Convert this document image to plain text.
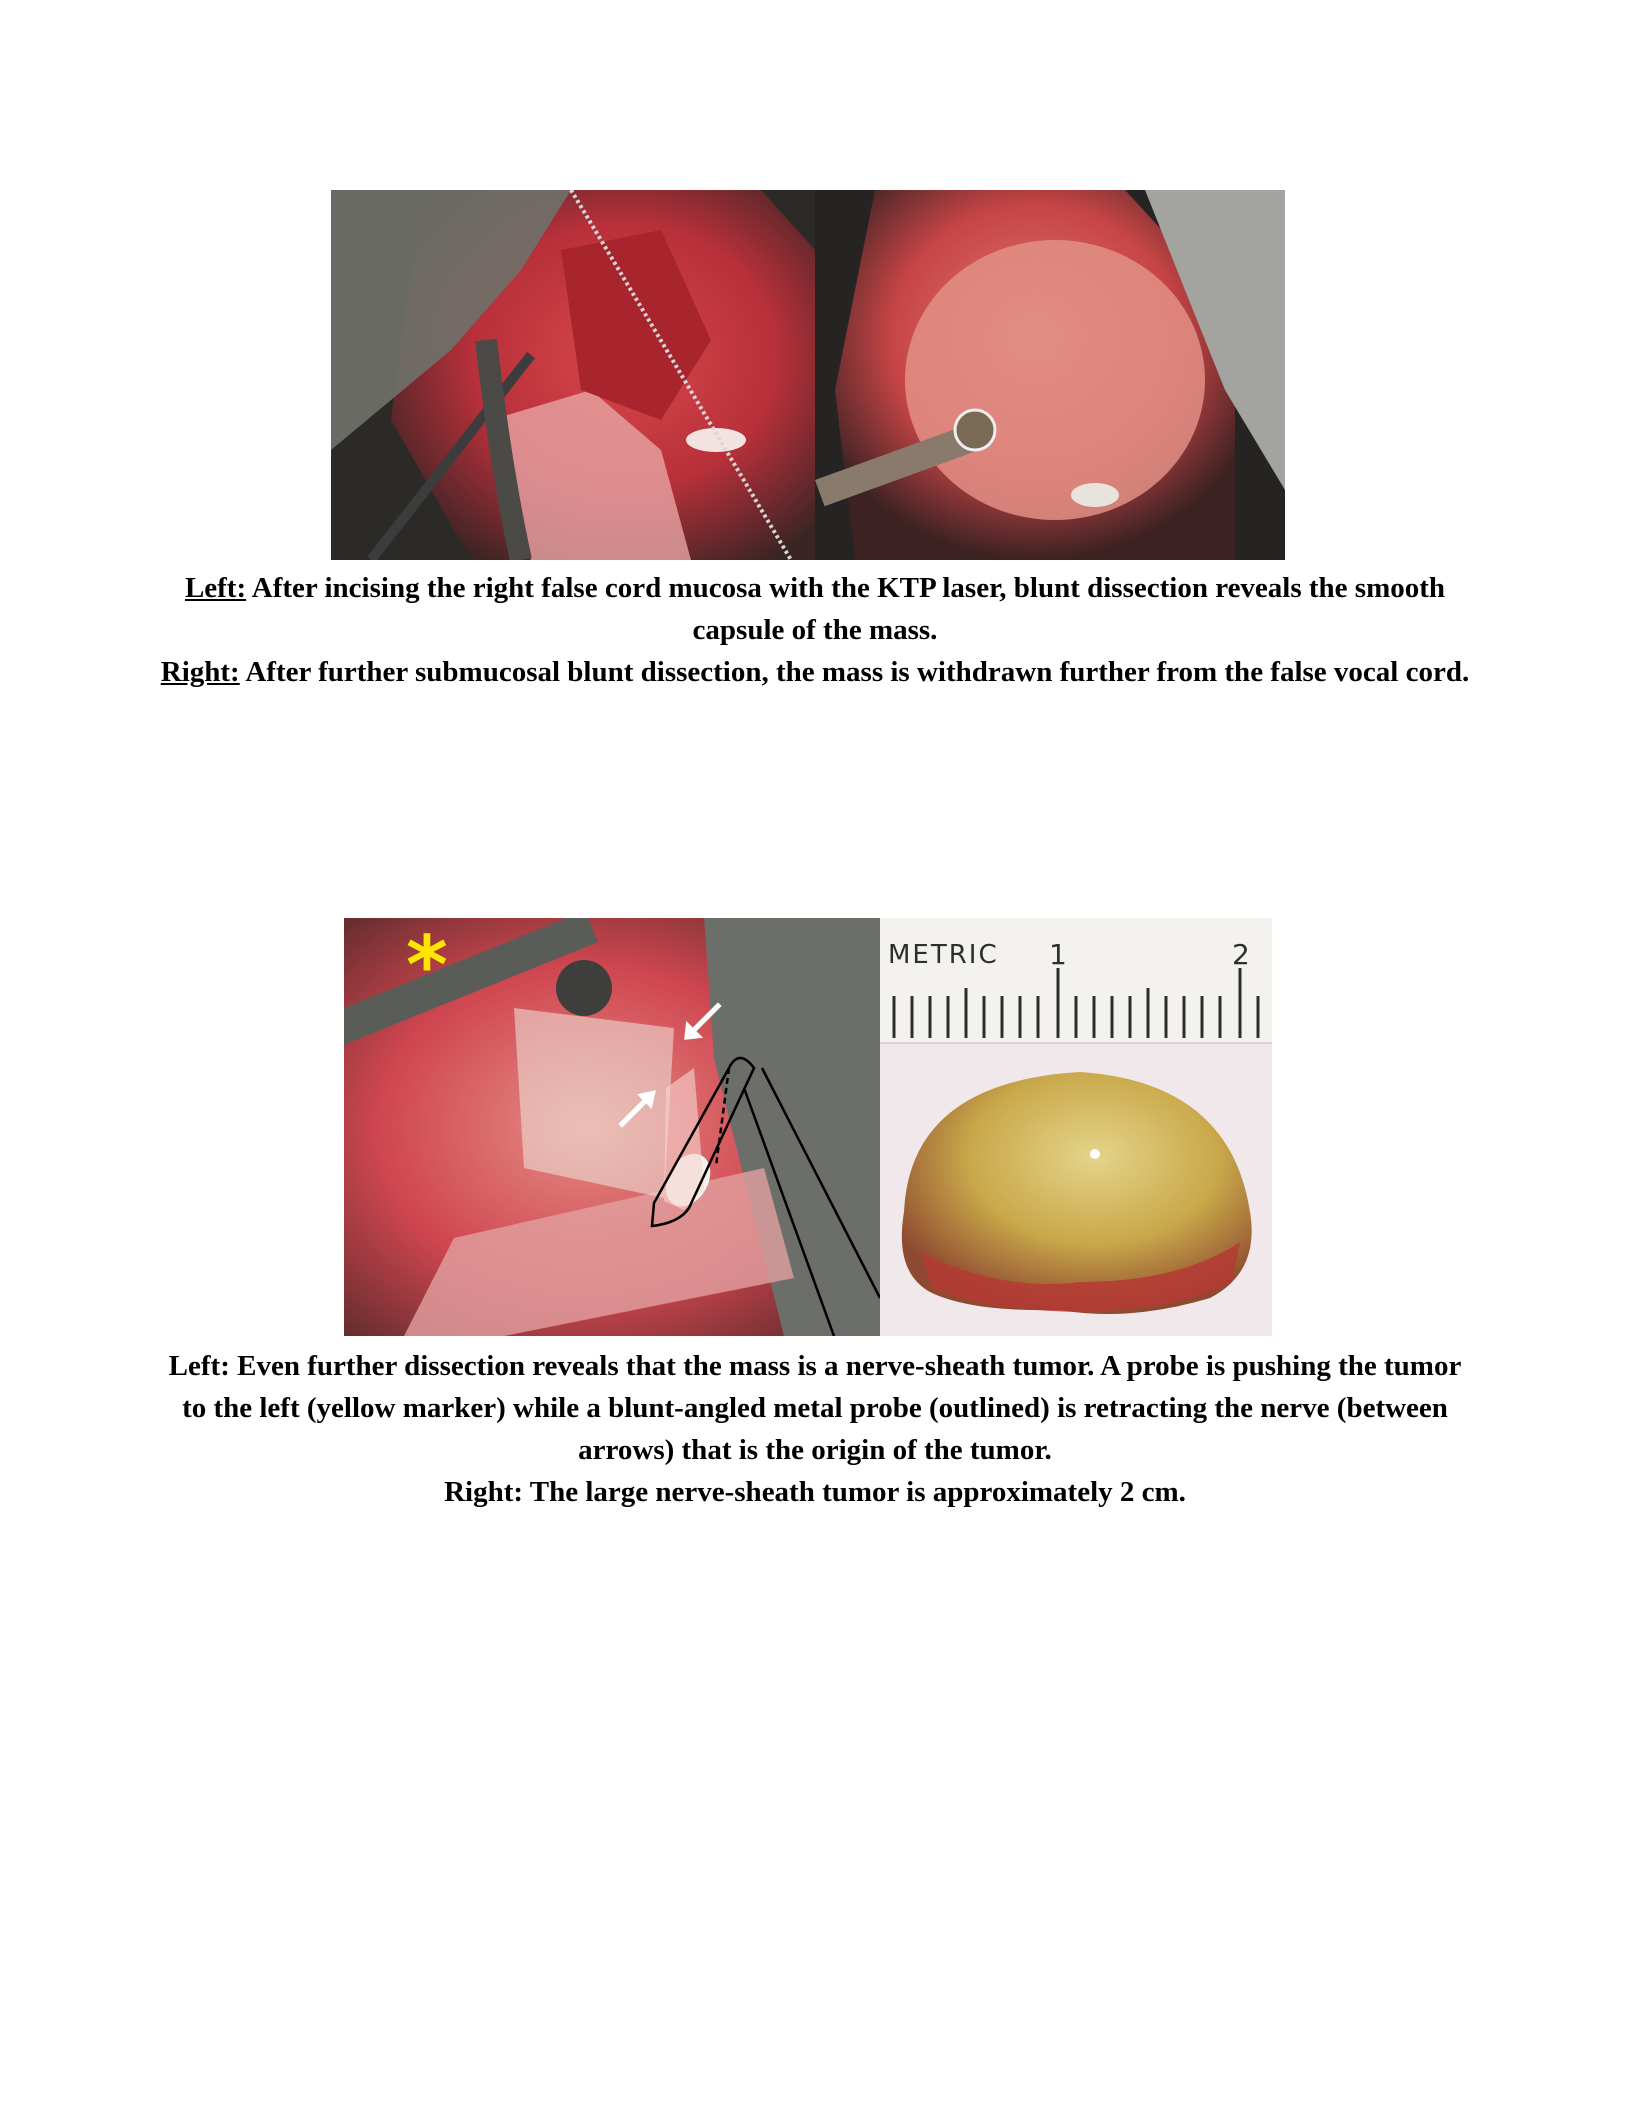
Left: After incising the right false cord mucosa with the KTP laser, blunt dissection reveals the smooth capsule of the mass.

Right: After further submucosal blunt dissection, the mass is withdrawn further from the false vocal cord.

*	METRIC 1	2

Left: Even further dissection reveals that the mass is a nerve-sheath tumor. A probe is pushing the tumor to the left (yellow marker) while a blunt-angled metal probe (outlined) is retracting the nerve (between arrows) that is the origin of the tumor.

Right: The large nerve-sheath tumor is approximately 2 cm.
